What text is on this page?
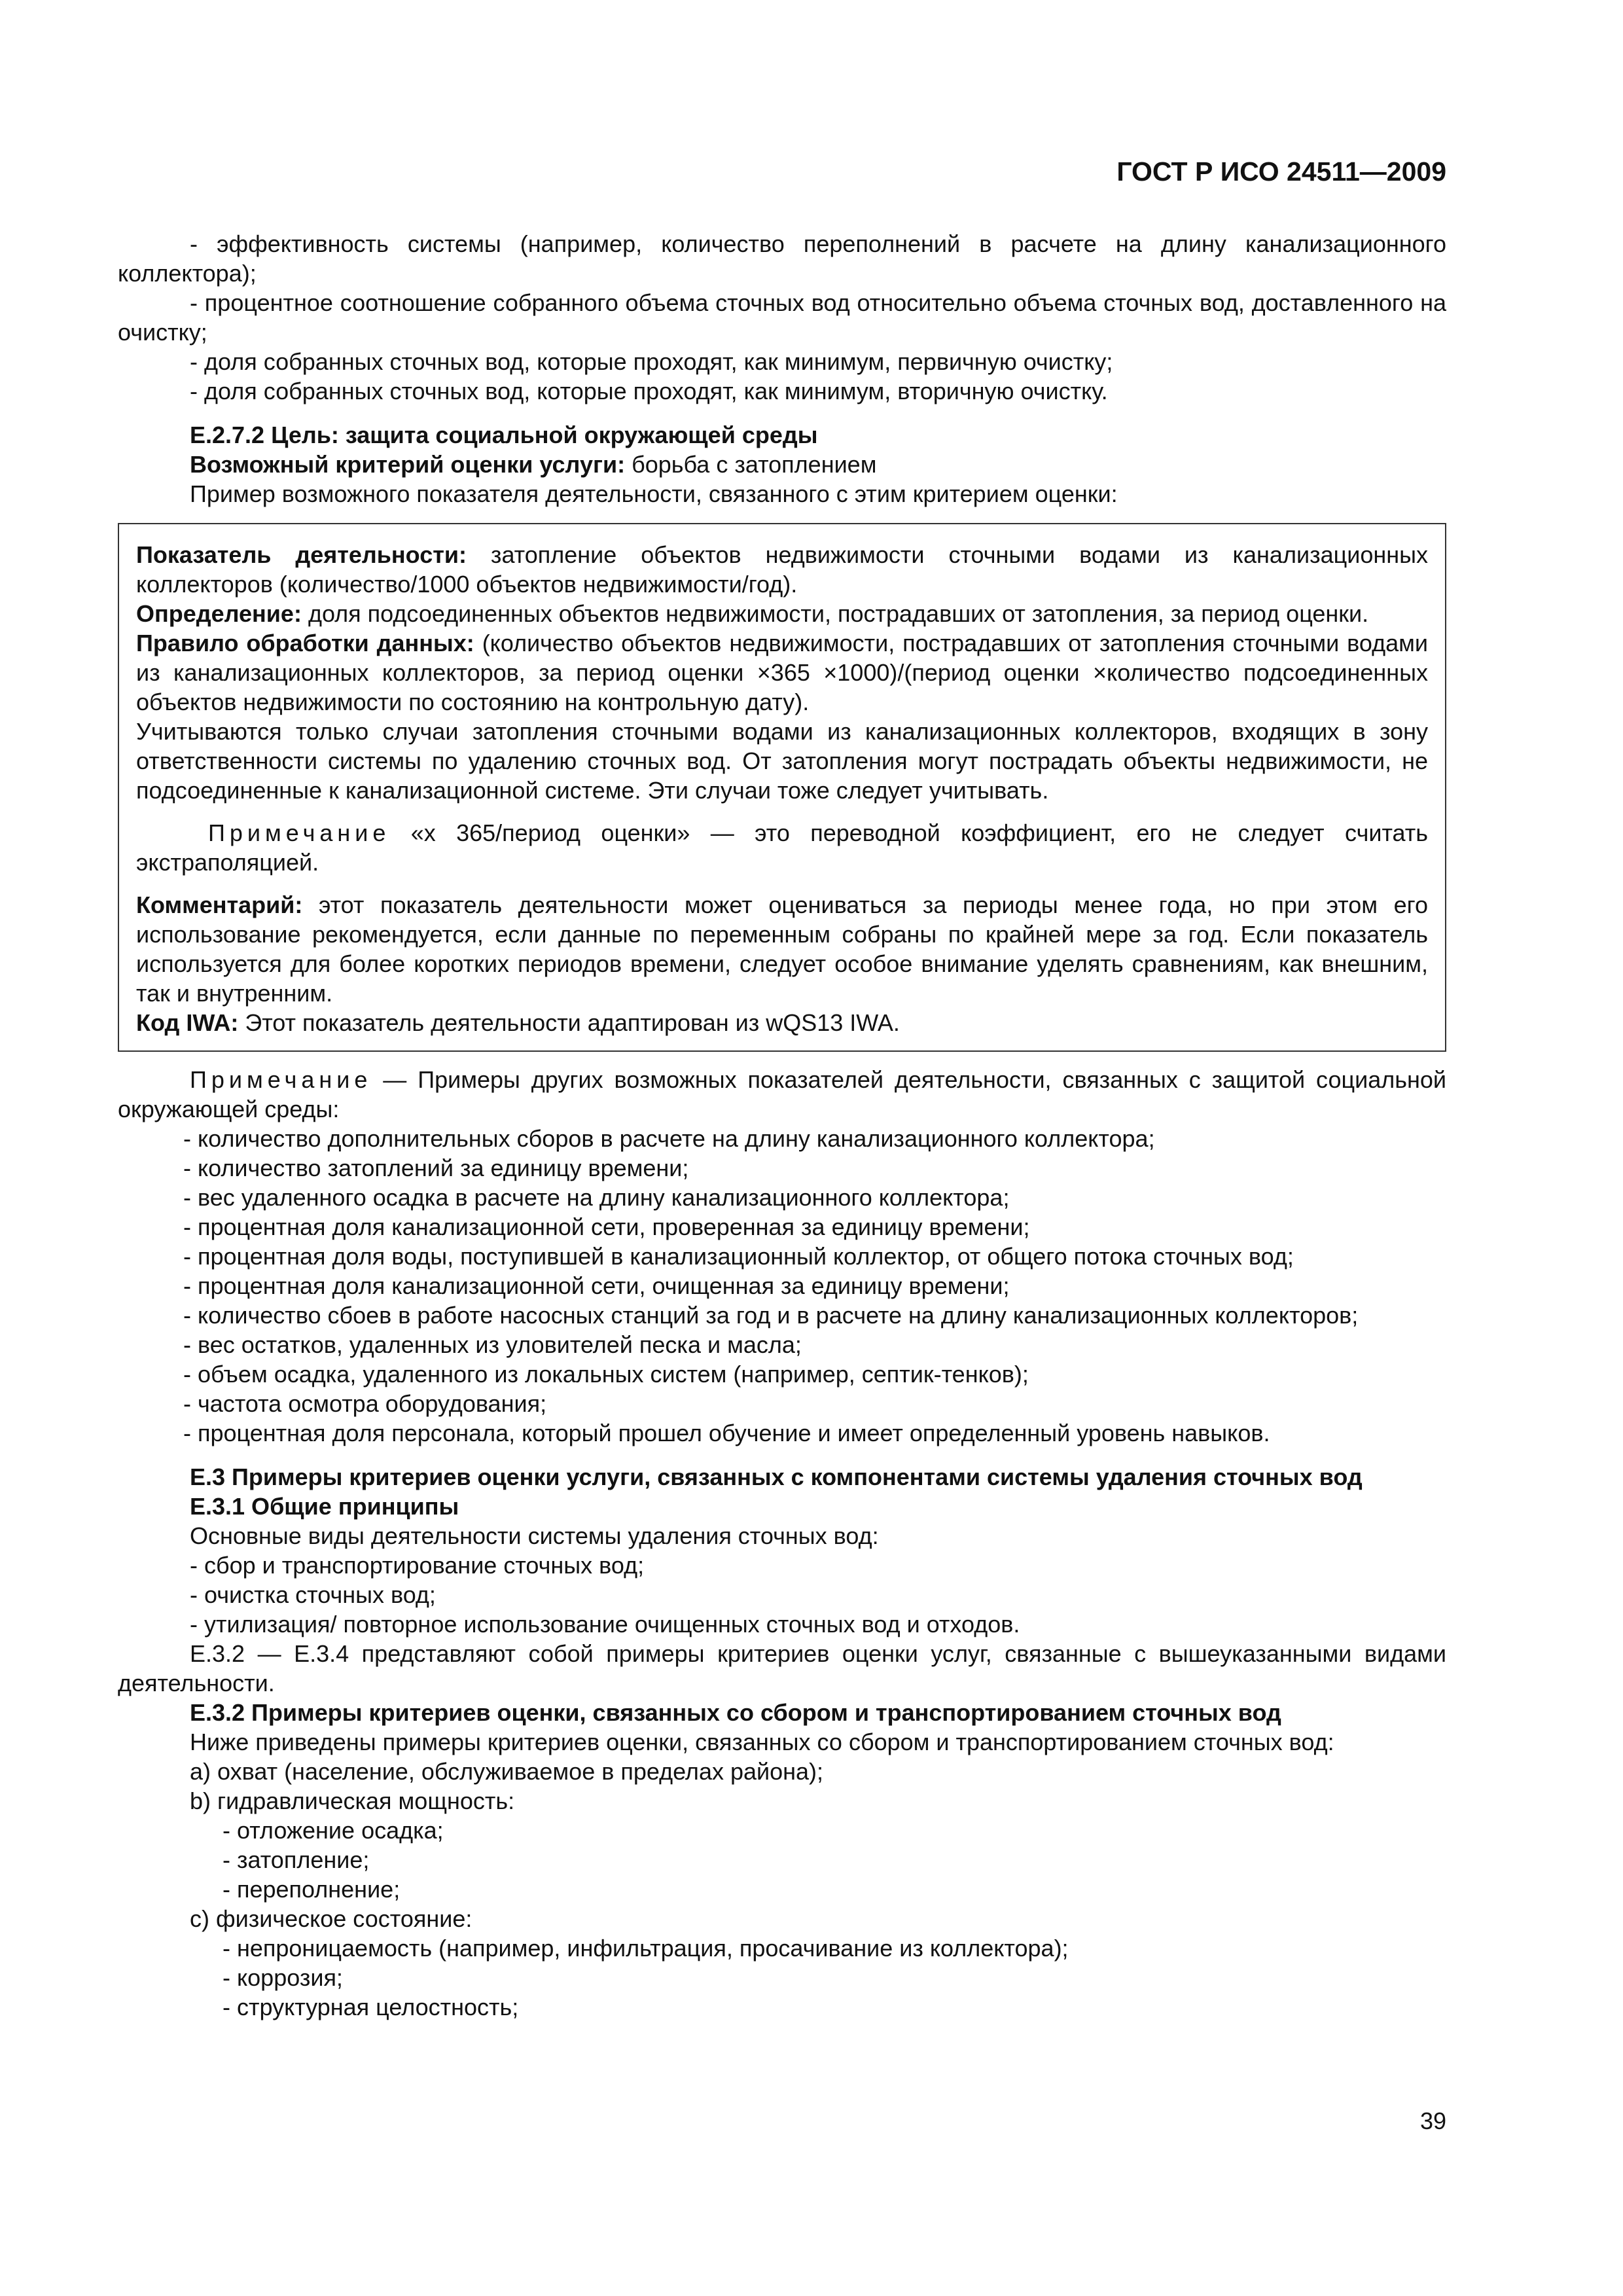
ГОСТ Р ИСО 24511—2009

- эффективность системы (например, количество переполнений в расчете на длину канализационного коллектора);

- процентное соотношение собранного объема сточных вод относительно объема сточных вод, доставленного на очистку;

- доля собранных сточных вод, которые проходят, как минимум, первичную очистку;

- доля собранных сточных вод, которые проходят, как минимум, вторичную очистку.

E.2.7.2 Цель: защита социальной окружающей среды

Возможный критерий оценки услуги: борьба с затоплением

Пример возможного показателя деятельности, связанного с этим критерием оценки:

Показатель деятельности: затопление объектов недвижимости сточными водами из канализационных коллекторов (количество/1000 объектов недвижимости/год).

Определение: доля подсоединенных объектов недвижимости, пострадавших от затопления, за период оценки.

Правило обработки данных: (количество объектов недвижимости, пострадавших от затопления сточными водами из канализационных коллекторов, за период оценки ×365 ×1000)/(период оценки ×количество подсоединенных объектов недвижимости по состоянию на контрольную дату).

Учитываются только случаи затопления сточными водами из канализационных коллекторов, входящих в зону ответственности системы по удалению сточных вод. От затопления могут пострадать объекты недвижимости, не подсоединенные к канализационной системе. Эти случаи тоже следует учитывать.

Примечание «x 365/период оценки» — это переводной коэффициент, его не следует считать экстраполяцией.

Комментарий: этот показатель деятельности может оцениваться за периоды менее года, но при этом его использование рекомендуется, если данные по переменным собраны по крайней мере за год. Если показатель используется для более коротких периодов времени, следует особое внимание уделять сравнениям, как внешним, так и внутренним.

Код IWA: Этот показатель деятельности адаптирован из wQS13 IWA.

Примечание — Примеры других возможных показателей деятельности, связанных с защитой социальной окружающей среды:

- количество дополнительных сборов в расчете на длину канализационного коллектора;

- количество затоплений за единицу времени;

- вес удаленного осадка в расчете на длину канализационного коллектора;

- процентная доля канализационной сети, проверенная за единицу времени;

- процентная доля воды, поступившей в канализационный коллектор, от общего потока сточных вод;

- процентная доля канализационной сети, очищенная за единицу времени;

- количество сбоев в работе насосных станций за год и в расчете на длину канализационных коллекторов;

- вес остатков, удаленных из уловителей песка и масла;

- объем осадка, удаленного из локальных систем (например, септик-тенков);

- частота осмотра оборудования;

- процентная доля персонала, который прошел обучение и имеет определенный уровень навыков.

E.3 Примеры критериев оценки услуги, связанных с компонентами системы удаления сточных вод

E.3.1 Общие принципы

Основные виды деятельности системы удаления сточных вод:

- сбор и транспортирование сточных вод;

- очистка сточных вод;

- утилизация/ повторное использование очищенных сточных вод и отходов.

E.3.2 — E.3.4 представляют собой примеры критериев оценки услуг, связанные с вышеуказанными видами деятельности.

E.3.2 Примеры критериев оценки, связанных со сбором и транспортированием сточных вод

Ниже приведены примеры критериев оценки, связанных со сбором и транспортированием сточных вод:

a) охват (население, обслуживаемое в пределах района);

b) гидравлическая мощность:

- отложение осадка;

- затопление;

- переполнение;

c) физическое состояние:

- непроницаемость (например, инфильтрация, просачивание из коллектора);

- коррозия;

- структурная целостность;

39
